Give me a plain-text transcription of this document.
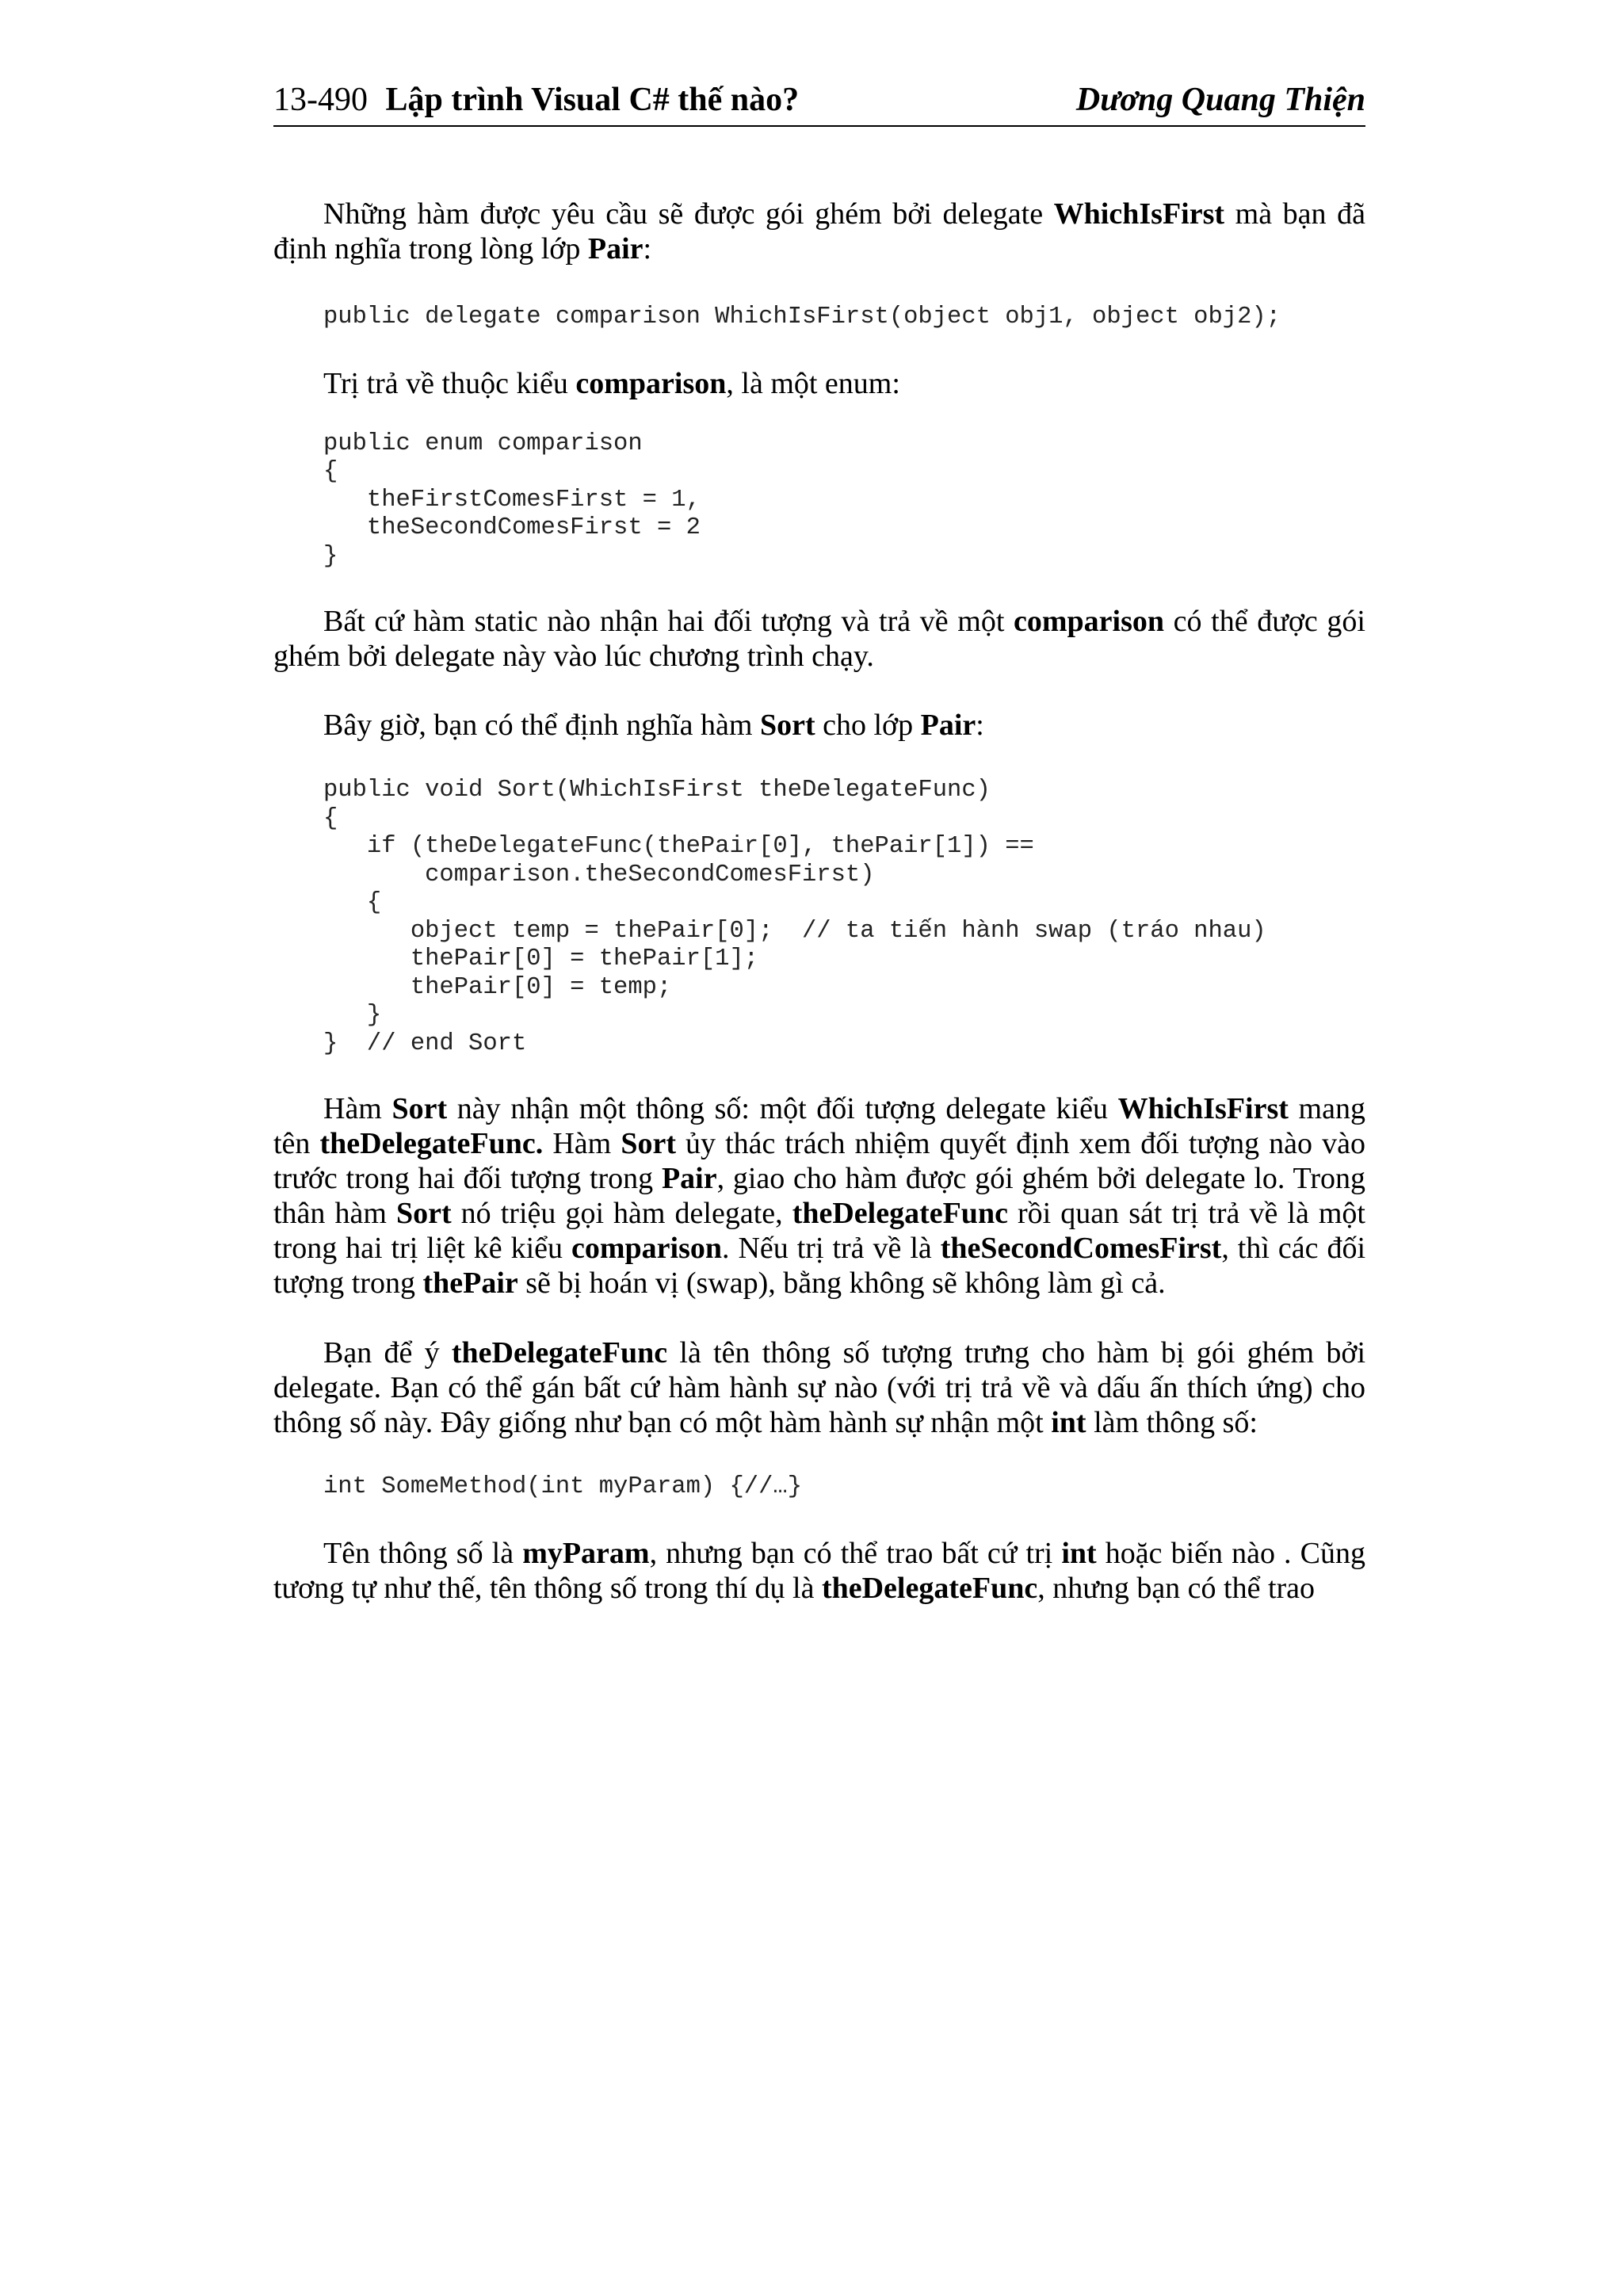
13-490 Lập trình Visual C# thế nào?	Dương Quang Thiện

Những hàm được yêu cầu sẽ được gói ghém bởi delegate WhichIsFirst mà bạn đã định nghĩa trong lòng lớp Pair:

public delegate comparison WhichIsFirst(object obj1, object obj2);

Trị trả về thuộc kiểu comparison, là một enum:

public enum comparison
{
theFirstComesFirst = 1,
theSecondComesFirst = 2
}

Bất cứ hàm static nào nhận hai đối tượng và trả về một comparison có thể được gói ghém bởi delegate này vào lúc chương trình chạy.

Bây giờ, bạn có thể định nghĩa hàm Sort cho lớp Pair:

public void Sort(WhichIsFirst theDelegateFunc)
{
if (theDelegateFunc(thePair[0], thePair[1]) ==
comparison.theSecondComesFirst)
{
object temp = thePair[0];  // ta tiến hành swap (tráo nhau)
thePair[0] = thePair[1];
thePair[0] = temp;
}
}  // end Sort

Hàm Sort này nhận một thông số: một đối tượng delegate kiểu WhichIsFirst mang tên theDelegateFunc. Hàm Sort ủy thác trách nhiệm quyết định xem đối tượng nào vào trước trong hai đối tượng trong Pair, giao cho hàm được gói ghém bởi delegate lo. Trong thân hàm Sort nó triệu gọi hàm delegate, theDelegateFunc rồi quan sát trị trả về là một trong hai trị liệt kê kiểu comparison. Nếu trị trả về là theSecondComesFirst, thì các đối tượng trong thePair sẽ bị hoán vị (swap), bằng không sẽ không làm gì cả.

Bạn để ý theDelegateFunc là tên thông số tượng trưng cho hàm bị gói ghém bởi delegate. Bạn có thể gán bất cứ hàm hành sự nào (với trị trả về và dấu ấn thích ứng) cho thông số này. Đây giống như bạn có một hàm hành sự nhận một int làm thông số:

int SomeMethod(int myParam) {//…}

Tên thông số là myParam, nhưng bạn có thể trao bất cứ trị int hoặc biến nào . Cũng tương tự như thế, tên thông số trong thí dụ là theDelegateFunc, nhưng bạn có thể trao
